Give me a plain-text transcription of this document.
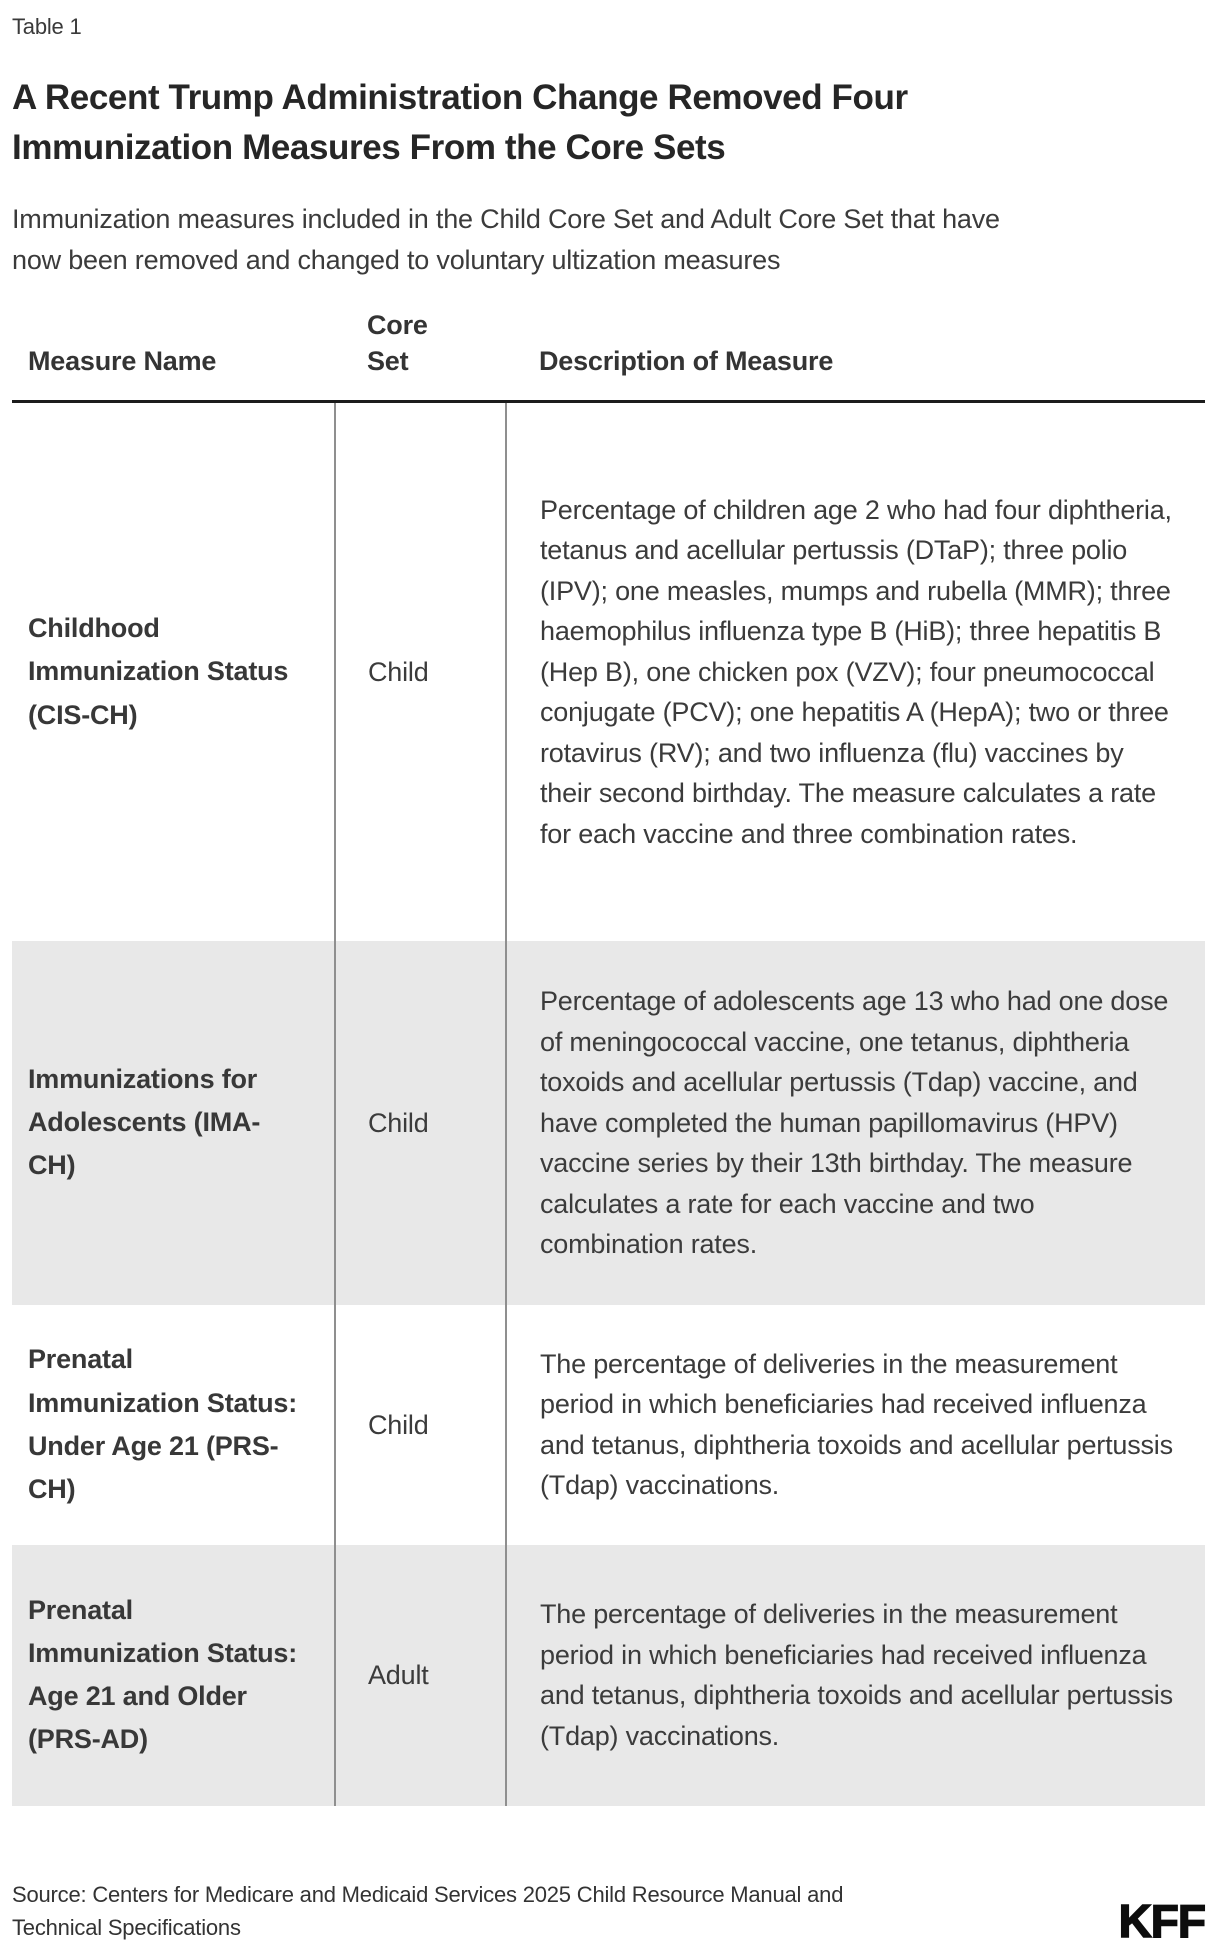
Table 1
A Recent Trump Administration Change Removed Four Immunization Measures From the Core Sets

Immunization measures included in the Child Core Set and Adult Core Set that have now been removed and changed to voluntary ultization measures

Measure Name	Core Set	Description of Measure
Childhood Immunization Status (CIS-CH)	Child	Percentage of children age 2 who had four diphtheria, tetanus and acellular pertussis (DTaP); three polio (IPV); one measles, mumps and rubella (MMR); three haemophilus influenza type B (HiB); three hepatitis B (Hep B), one chicken pox (VZV); four pneumococcal conjugate (PCV); one hepatitis A (HepA); two or three rotavirus (RV); and two influenza (flu) vaccines by their second birthday. The measure calculates a rate for each vaccine and three combination rates.
Immunizations for Adolescents (IMA-CH)	Child	Percentage of adolescents age 13 who had one dose of meningococcal vaccine, one tetanus, diphtheria toxoids and acellular pertussis (Tdap) vaccine, and have completed the human papillomavirus (HPV) vaccine series by their 13th birthday. The measure calculates a rate for each vaccine and two combination rates.
Prenatal Immunization Status: Under Age 21 (PRS-CH)	Child	The percentage of deliveries in the measurement period in which beneficiaries had received influenza and tetanus, diphtheria toxoids and acellular pertussis (Tdap) vaccinations.
Prenatal Immunization Status: Age 21 and Older (PRS-AD)	Adult	The percentage of deliveries in the measurement period in which beneficiaries had received influenza and tetanus, diphtheria toxoids and acellular pertussis (Tdap) vaccinations.
Source: Centers for Medicare and Medicaid Services 2025 Child Resource Manual and Technical Specifications	KFF
